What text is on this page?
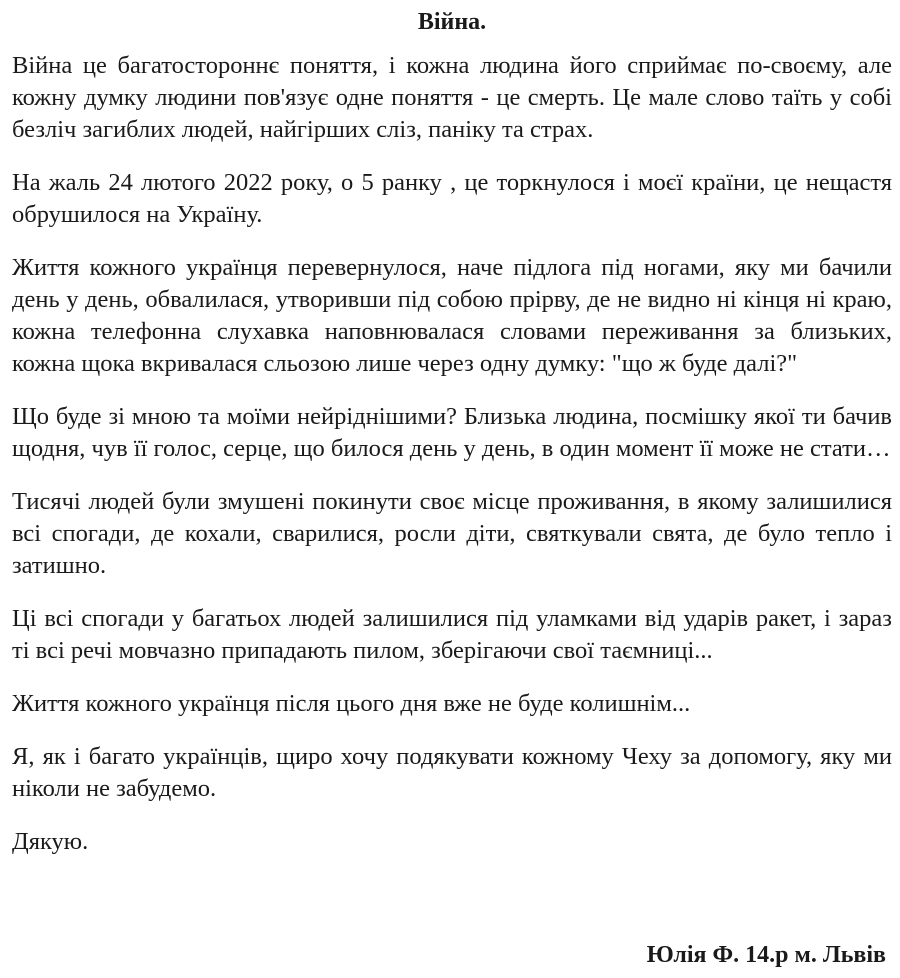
Війна.

Війна це багатостороннє поняття, і кожна людина його сприймає по-своєму, але кожну думку людини пов'язує одне поняття - це смерть. Це мале слово таїть у собі безліч загиблих людей, найгірших сліз, паніку та страх.

На жаль 24 лютого 2022 року, о 5 ранку , це торкнулося і моєї країни, це нещастя обрушилося на Україну.

Життя кожного українця перевернулося, наче підлога під ногами, яку ми бачили день у день, обвалилася, утворивши під собою прірву, де не видно ні кінця ні краю, кожна телефонна слухавка наповнювалася словами переживання за близьких, кожна щока вкривалася сльозою лише через одну думку: "що ж буде далі?"

Що буде зі мною та моїми нейріднішими? Близька людина, посмішку якої ти бачив щодня, чув її голос, серце, що билося день у день, в один момент її може не стати…

Тисячі людей були змушені покинути своє місце проживання, в якому залишилися всі спогади, де кохали, сварилися, росли діти, святкували свята, де було тепло і затишно.

Ці всі спогади у багатьох людей залишилися під уламками від ударів ракет, і зараз ті всі речі мовчазно припадають пилом, зберігаючи свої таємниці...

Життя кожного українця після цього дня вже не буде колишнім...

Я, як і багато українців, щиро хочу подякувати кожному Чеху за допомогу, яку ми ніколи не забудемо.

Дякую.

Юлія Ф. 14.р м. Львів
